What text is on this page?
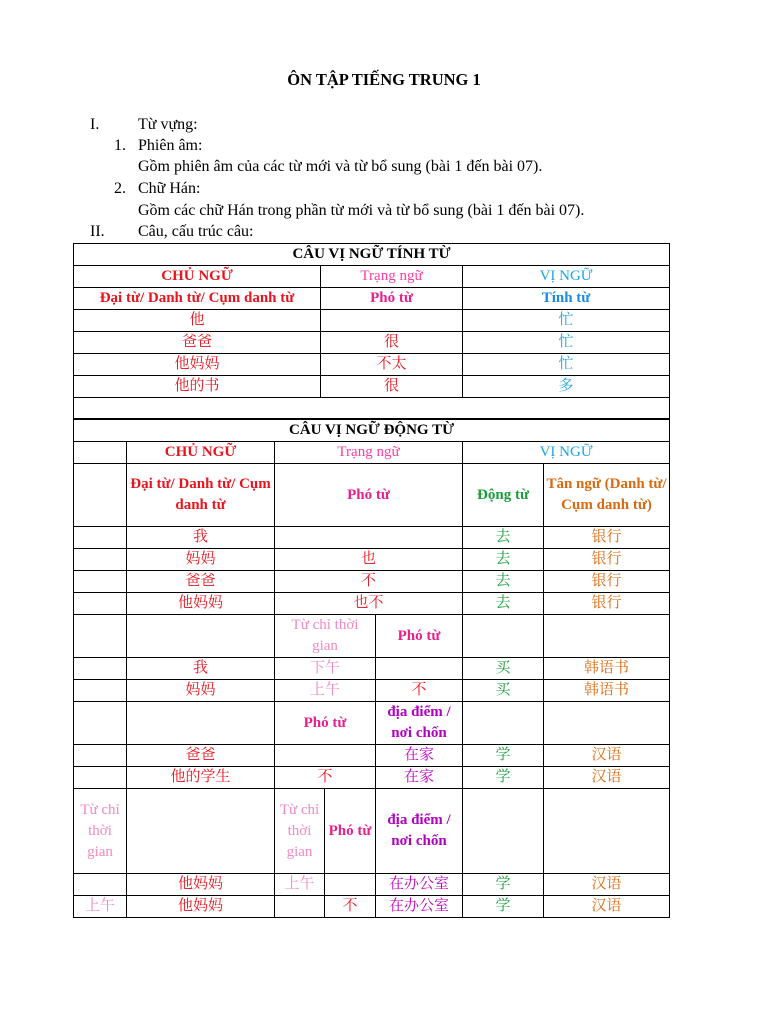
ÔN TẬP TIẾNG TRUNG 1
I. Từ vựng:
1. Phiên âm:
Gồm phiên âm của các từ mới và từ bổ sung (bài 1 đến bài 07).
2. Chữ Hán:
Gồm các chữ Hán trong phần từ mới và từ bổ sung (bài 1 đến bài 07).
II. Câu, cấu trúc câu:
CÂU VỊ NGỮ TÍNH TỪ		
CHỦ NGỮ	Trạng ngữ	VỊ NGỮ
Đại từ/ Danh từ/ Cụm danh từ	Phó từ	Tính từ
他		忙
爸爸	很	忙
他妈妈	不太	忙
他的书	很	多

CÂU VỊ NGỮ ĐỘNG TỪ						
	CHỦ NGỮ	Trạng ngữ			VỊ NGỮ	
	Đại từ/ Danh từ/ Cụm danh từ	Phó từ			Động từ	Tân ngữ (Danh từ/ Cụm danh từ)
	我				去	银行
	妈妈	也			去	银行
	爸爸	不			去	银行
	他妈妈	也不			去	银行
		Từ chỉ thời gian		Phó từ		
	我	下午			买	韩语书
	妈妈	上午		不	买	韩语书
		Phó từ		địa điểm / nơi chốn		
	爸爸			在家	学	汉语
	他的学生	不		在家	学	汉语
Từ chỉ thời gian		Từ chỉ thời gian	Phó từ	địa điểm / nơi chốn		
	他妈妈	上午		在办公室	学	汉语
上午	他妈妈		不	在办公室	学	汉语
